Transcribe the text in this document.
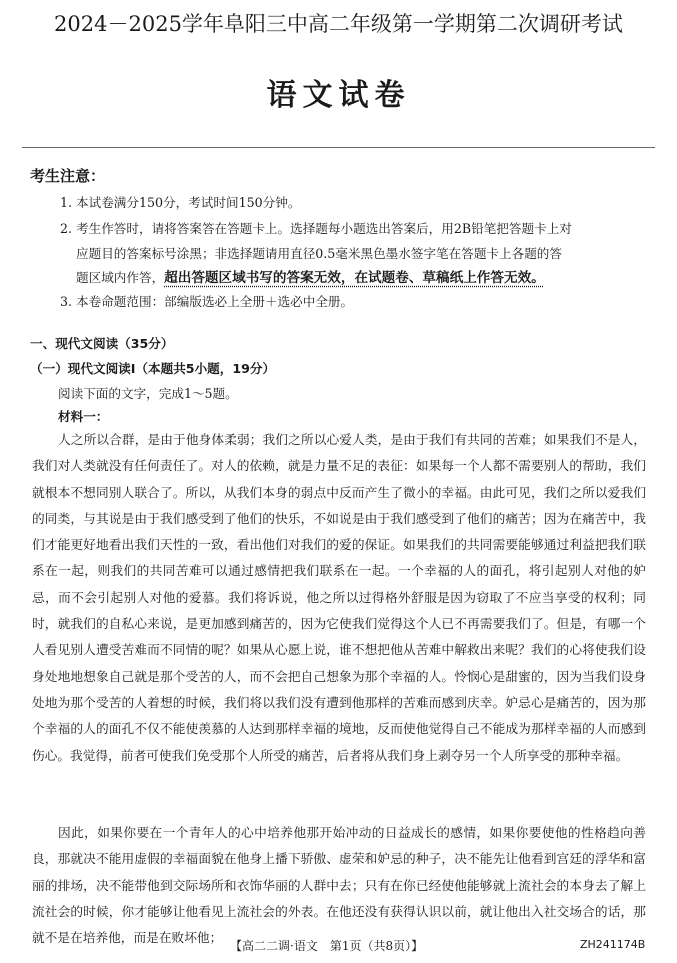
2024－2025学年阜阳三中高二年级第一学期第二次调研考试
语文试卷
考生注意：
1. 本试卷满分150分，考试时间150分钟。
2. 考生作答时，请将答案答在答题卡上。选择题每小题选出答案后，用2B铅笔把答题卡上对
应题目的答案标号涂黑；非选择题请用直径0.5毫米黑色墨水签字笔在答题卡上各题的答
题区域内作答，超出答题区域书写的答案无效，在试题卷、草稿纸上作答无效。
3. 本卷命题范围：部编版选必上全册＋选必中全册。
一、现代文阅读（35分）
（一）现代文阅读Ⅰ（本题共5小题，19分）
阅读下面的文字，完成1～5题。
材料一：

人之所以合群，是由于他身体柔弱；我们之所以心爱人类，是由于我们有共同的苦难；如果我们不是人，我们对人类就没有任何责任了。对人的依赖，就是力量不足的表征：如果每一个人都不需要别人的帮助，我们就根本不想同别人联合了。所以，从我们本身的弱点中反而产生了微小的幸福。由此可见，我们之所以爱我们的同类，与其说是由于我们感受到了他们的快乐，不如说是由于我们感受到了他们的痛苦；因为在痛苦中，我们才能更好地看出我们天性的一致，看出他们对我们的爱的保证。如果我们的共同需要能够通过利益把我们联系在一起，则我们的共同苦难可以通过感情把我们联系在一起。一个幸福的人的面孔，将引起别人对他的妒忌，而不会引起别人对他的爱慕。我们将诉说，他之所以过得格外舒服是因为窃取了不应当享受的权利；同时，就我们的自私心来说，是更加感到痛苦的，因为它使我们觉得这个人已不再需要我们了。但是，有哪一个人看见别人遭受苦难而不同情的呢？如果从心愿上说，谁不想把他从苦难中解救出来呢？我们的心将使我们设身处地地想象自己就是那个受苦的人，而不会把自己想象为那个幸福的人。怜悯心是甜蜜的，因为当我们设身处地为那个受苦的人着想的时候，我们将以我们没有遭到他那样的苦难而感到庆幸。妒忌心是痛苦的，因为那个幸福的人的面孔不仅不能使羡慕的人达到那样幸福的境地，反而使他觉得自己不能成为那样幸福的人而感到伤心。我觉得，前者可使我们免受那个人所受的痛苦，后者将从我们身上剥夺另一个人所享受的那种幸福。

因此，如果你要在一个青年人的心中培养他那开始冲动的日益成长的感情，如果你要使他的性格趋向善良，那就决不能用虚假的幸福面貌在他身上播下骄傲、虚荣和妒忌的种子，决不能先让他看到宫廷的浮华和富丽的排场，决不能带他到交际场所和衣饰华丽的人群中去；只有在你已经使他能够就上流社会的本身去了解上流社会的时候，你才能够让他看见上流社会的外表。在他还没有获得认识以前，就让他出入社交场合的话，那就不是在培养他，而是在败坏他；

【高二二调·语文　第1页（共8页）】	ZH241174B
